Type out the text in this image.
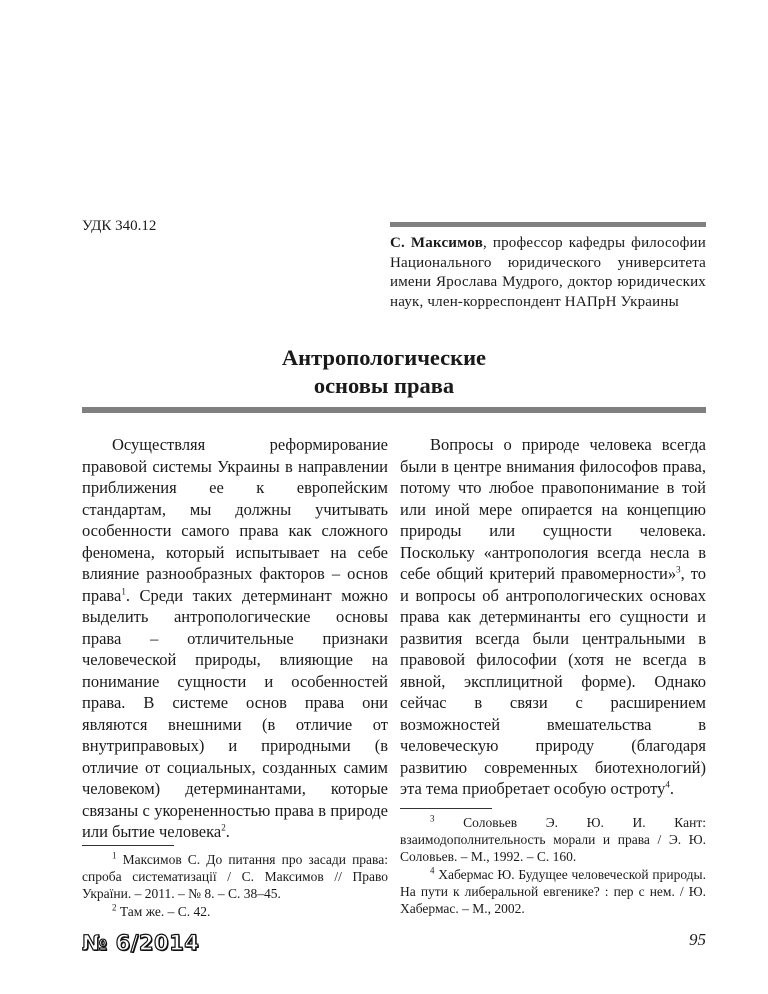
УДК 340.12
С. Максимов, профессор кафедры философии Национального юридического университета имени Ярослава Мудрого, доктор юридических наук, член-корреспондент НАПрН Украины
Антропологические
основы права

Осуществляя реформирование правовой системы Украины в направлении приближения ее к европейским стандартам, мы должны учитывать особенности самого права как сложного феномена, который испытывает на себе влияние разнообразных факторов – основ права$^1$. Среди таких детерминант можно выделить антропологические основы права – отличительные признаки человеческой природы, влияющие на понимание сущности и особенностей права. В системе основ права они являются внешними (в отличие от внутриправовых) и природными (в отличие от социальных, созданных самим человеком) детерминантами, которые связаны с укорененностью права в природе или бытие человека$^2$.

Вопросы о природе человека всегда были в центре внимания философов права, потому что любое правопонимание в той или иной мере опирается на концепцию природы или сущности человека. Поскольку «антропология всегда несла в себе общий критерий правомерности»$^3$, то и вопросы об антропологических основах права как детерминанты его сущности и развития всегда были центральными в правовой философии (хотя не всегда в явной, эксплицитной форме). Однако сейчас в связи с расширением возможностей вмешательства в человеческую природу (благодаря развитию современных биотехнологий) эта тема приобретает особую остроту$^4$.

$^1$ Максимов С. До питання про засади права: спроба систематизації / С. Максимов // Право України. – 2011. – № 8. – С. 38–45.

$^2$ Там же. – С. 42.

$^3$ Соловьев Э. Ю. И. Кант: взаимодополнительность морали и права / Э. Ю. Соловьев. – М., 1992. – С. 160.

$^4$ Хабермас Ю. Будущее человеческой природы. На пути к либеральной евгенике? : пер с нем. / Ю. Хабермас. – М., 2002.

№ 6/2014	95
